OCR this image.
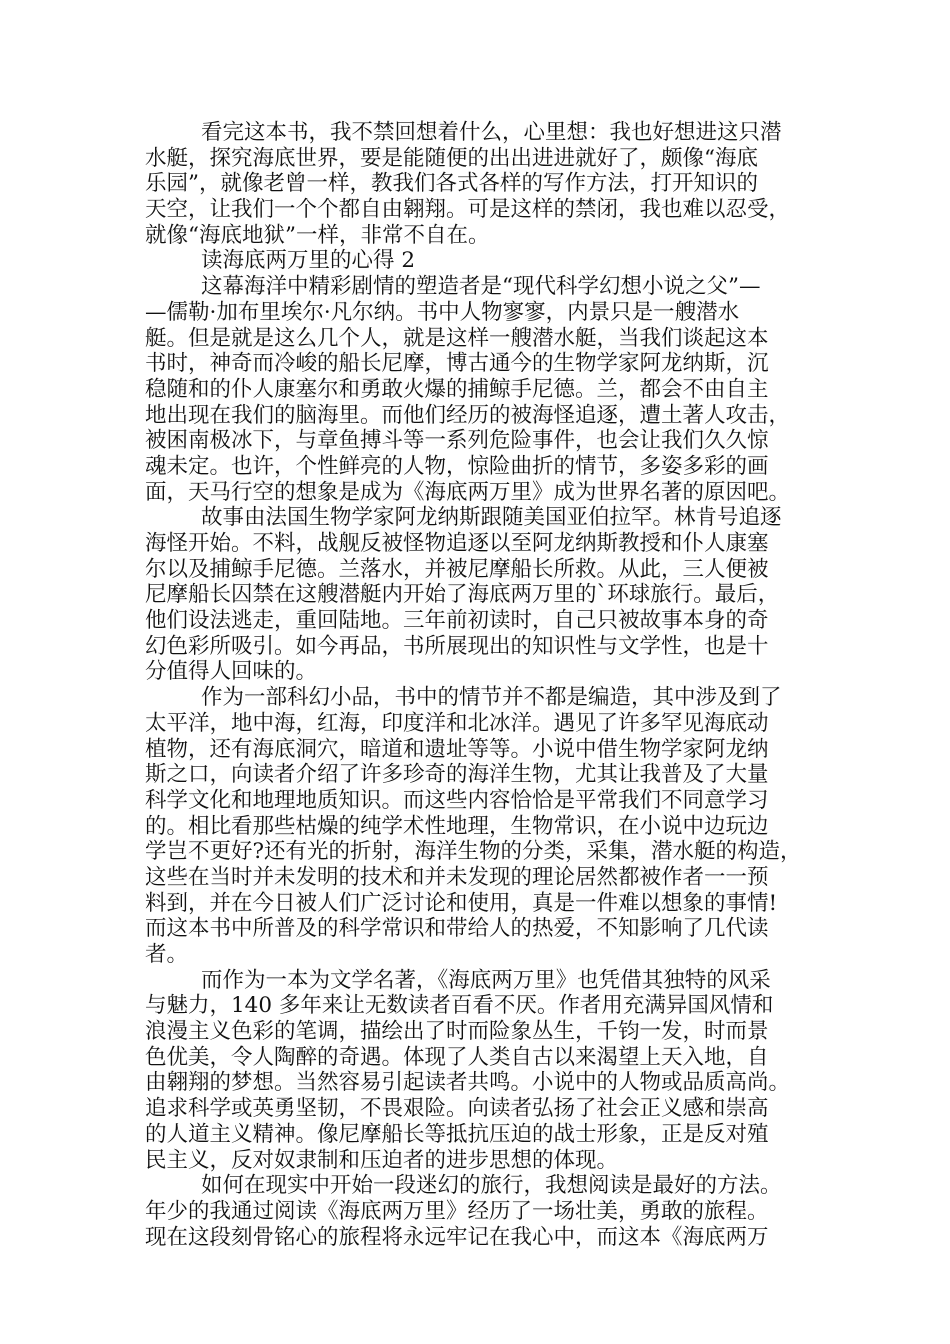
看完这本书，我不禁回想着什么，心里想：我也好想进这只潜
水艇，探究海底世界，要是能随便的出出进进就好了，颇像“海底
乐园”，就像老曾一样，教我们各式各样的写作方法，打开知识的
天空，让我们一个个都自由翱翔。可是这样的禁闭，我也难以忍受，
就像“海底地狱”一样，非常不自在。
读海底两万里的心得 2
这幕海洋中精彩剧情的塑造者是“现代科学幻想小说之父”—
—儒勒·加布里埃尔·凡尔纳。书中人物寥寥，内景只是一艘潜水
艇。但是就是这么几个人，就是这样一艘潜水艇，当我们谈起这本
书时，神奇而冷峻的船长尼摩，博古通今的生物学家阿龙纳斯，沉
稳随和的仆人康塞尔和勇敢火爆的捕鲸手尼德。兰，都会不由自主
地出现在我们的脑海里。而他们经历的被海怪追逐，遭土著人攻击，
被困南极冰下，与章鱼搏斗等一系列危险事件，也会让我们久久惊
魂未定。也许，个性鲜亮的人物，惊险曲折的情节，多姿多彩的画
面，天马行空的想象是成为《海底两万里》成为世界名著的原因吧。
故事由法国生物学家阿龙纳斯跟随美国亚伯拉罕。林肯号追逐
海怪开始。不料，战舰反被怪物追逐以至阿龙纳斯教授和仆人康塞
尔以及捕鲸手尼德。兰落水，并被尼摩船长所救。从此，三人便被
尼摩船长囚禁在这艘潜艇内开始了海底两万里的`环球旅行。最后，
他们设法逃走，重回陆地。三年前初读时，自己只被故事本身的奇
幻色彩所吸引。如今再品，书所展现出的知识性与文学性，也是十
分值得人回味的。
作为一部科幻小品，书中的情节并不都是编造，其中涉及到了
太平洋，地中海，红海，印度洋和北冰洋。遇见了许多罕见海底动
植物，还有海底洞穴，暗道和遗址等等。小说中借生物学家阿龙纳
斯之口，向读者介绍了许多珍奇的海洋生物，尤其让我普及了大量
科学文化和地理地质知识。而这些内容恰恰是平常我们不同意学习
的。相比看那些枯燥的纯学术性地理，生物常识，在小说中边玩边
学岂不更好?还有光的折射，海洋生物的分类，采集，潜水艇的构造，
这些在当时并未发明的技术和并未发现的理论居然都被作者一一预
料到，并在今日被人们广泛讨论和使用，真是一件难以想象的事情!
而这本书中所普及的科学常识和带给人的热爱，不知影响了几代读
者。
而作为一本为文学名著，《海底两万里》也凭借其独特的风采
与魅力，140 多年来让无数读者百看不厌。作者用充满异国风情和
浪漫主义色彩的笔调，描绘出了时而险象丛生，千钧一发，时而景
色优美，令人陶醉的奇遇。体现了人类自古以来渴望上天入地，自
由翱翔的梦想。当然容易引起读者共鸣。小说中的人物或品质高尚。
追求科学或英勇坚韧，不畏艰险。向读者弘扬了社会正义感和崇高
的人道主义精神。像尼摩船长等抵抗压迫的战士形象，正是反对殖
民主义，反对奴隶制和压迫者的进步思想的体现。
如何在现实中开始一段迷幻的旅行，我想阅读是最好的方法。
年少的我通过阅读《海底两万里》经历了一场壮美，勇敢的旅程。
现在这段刻骨铭心的旅程将永远牢记在我心中，而这本《海底两万
